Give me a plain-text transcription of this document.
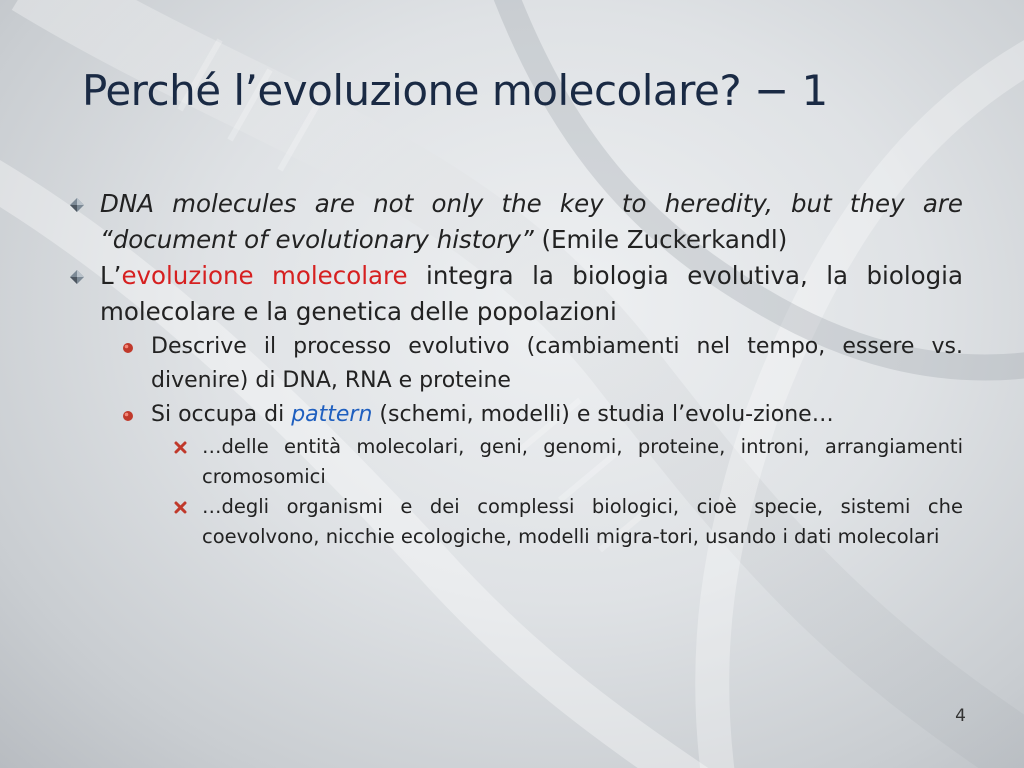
Perché l’evoluzione molecolare? − 1
DNA molecules are not only the key to heredity, but they are “document of evolutionary history” (Emile Zuckerkandl)
L’evoluzione molecolare integra la biologia evolutiva, la biologia molecolare e la genetica delle popolazioni
Descrive il processo evolutivo (cambiamenti nel tempo, essere vs. divenire) di DNA, RNA e proteine
Si occupa di pattern (schemi, modelli) e studia l’evolu-zione…
…delle entità molecolari, geni, genomi, proteine, introni, arrangiamenti cromosomici
…degli organismi e dei complessi biologici, cioè specie, sistemi che coevolvono, nicchie ecologiche, modelli migra-tori, usando i dati molecolari
4
